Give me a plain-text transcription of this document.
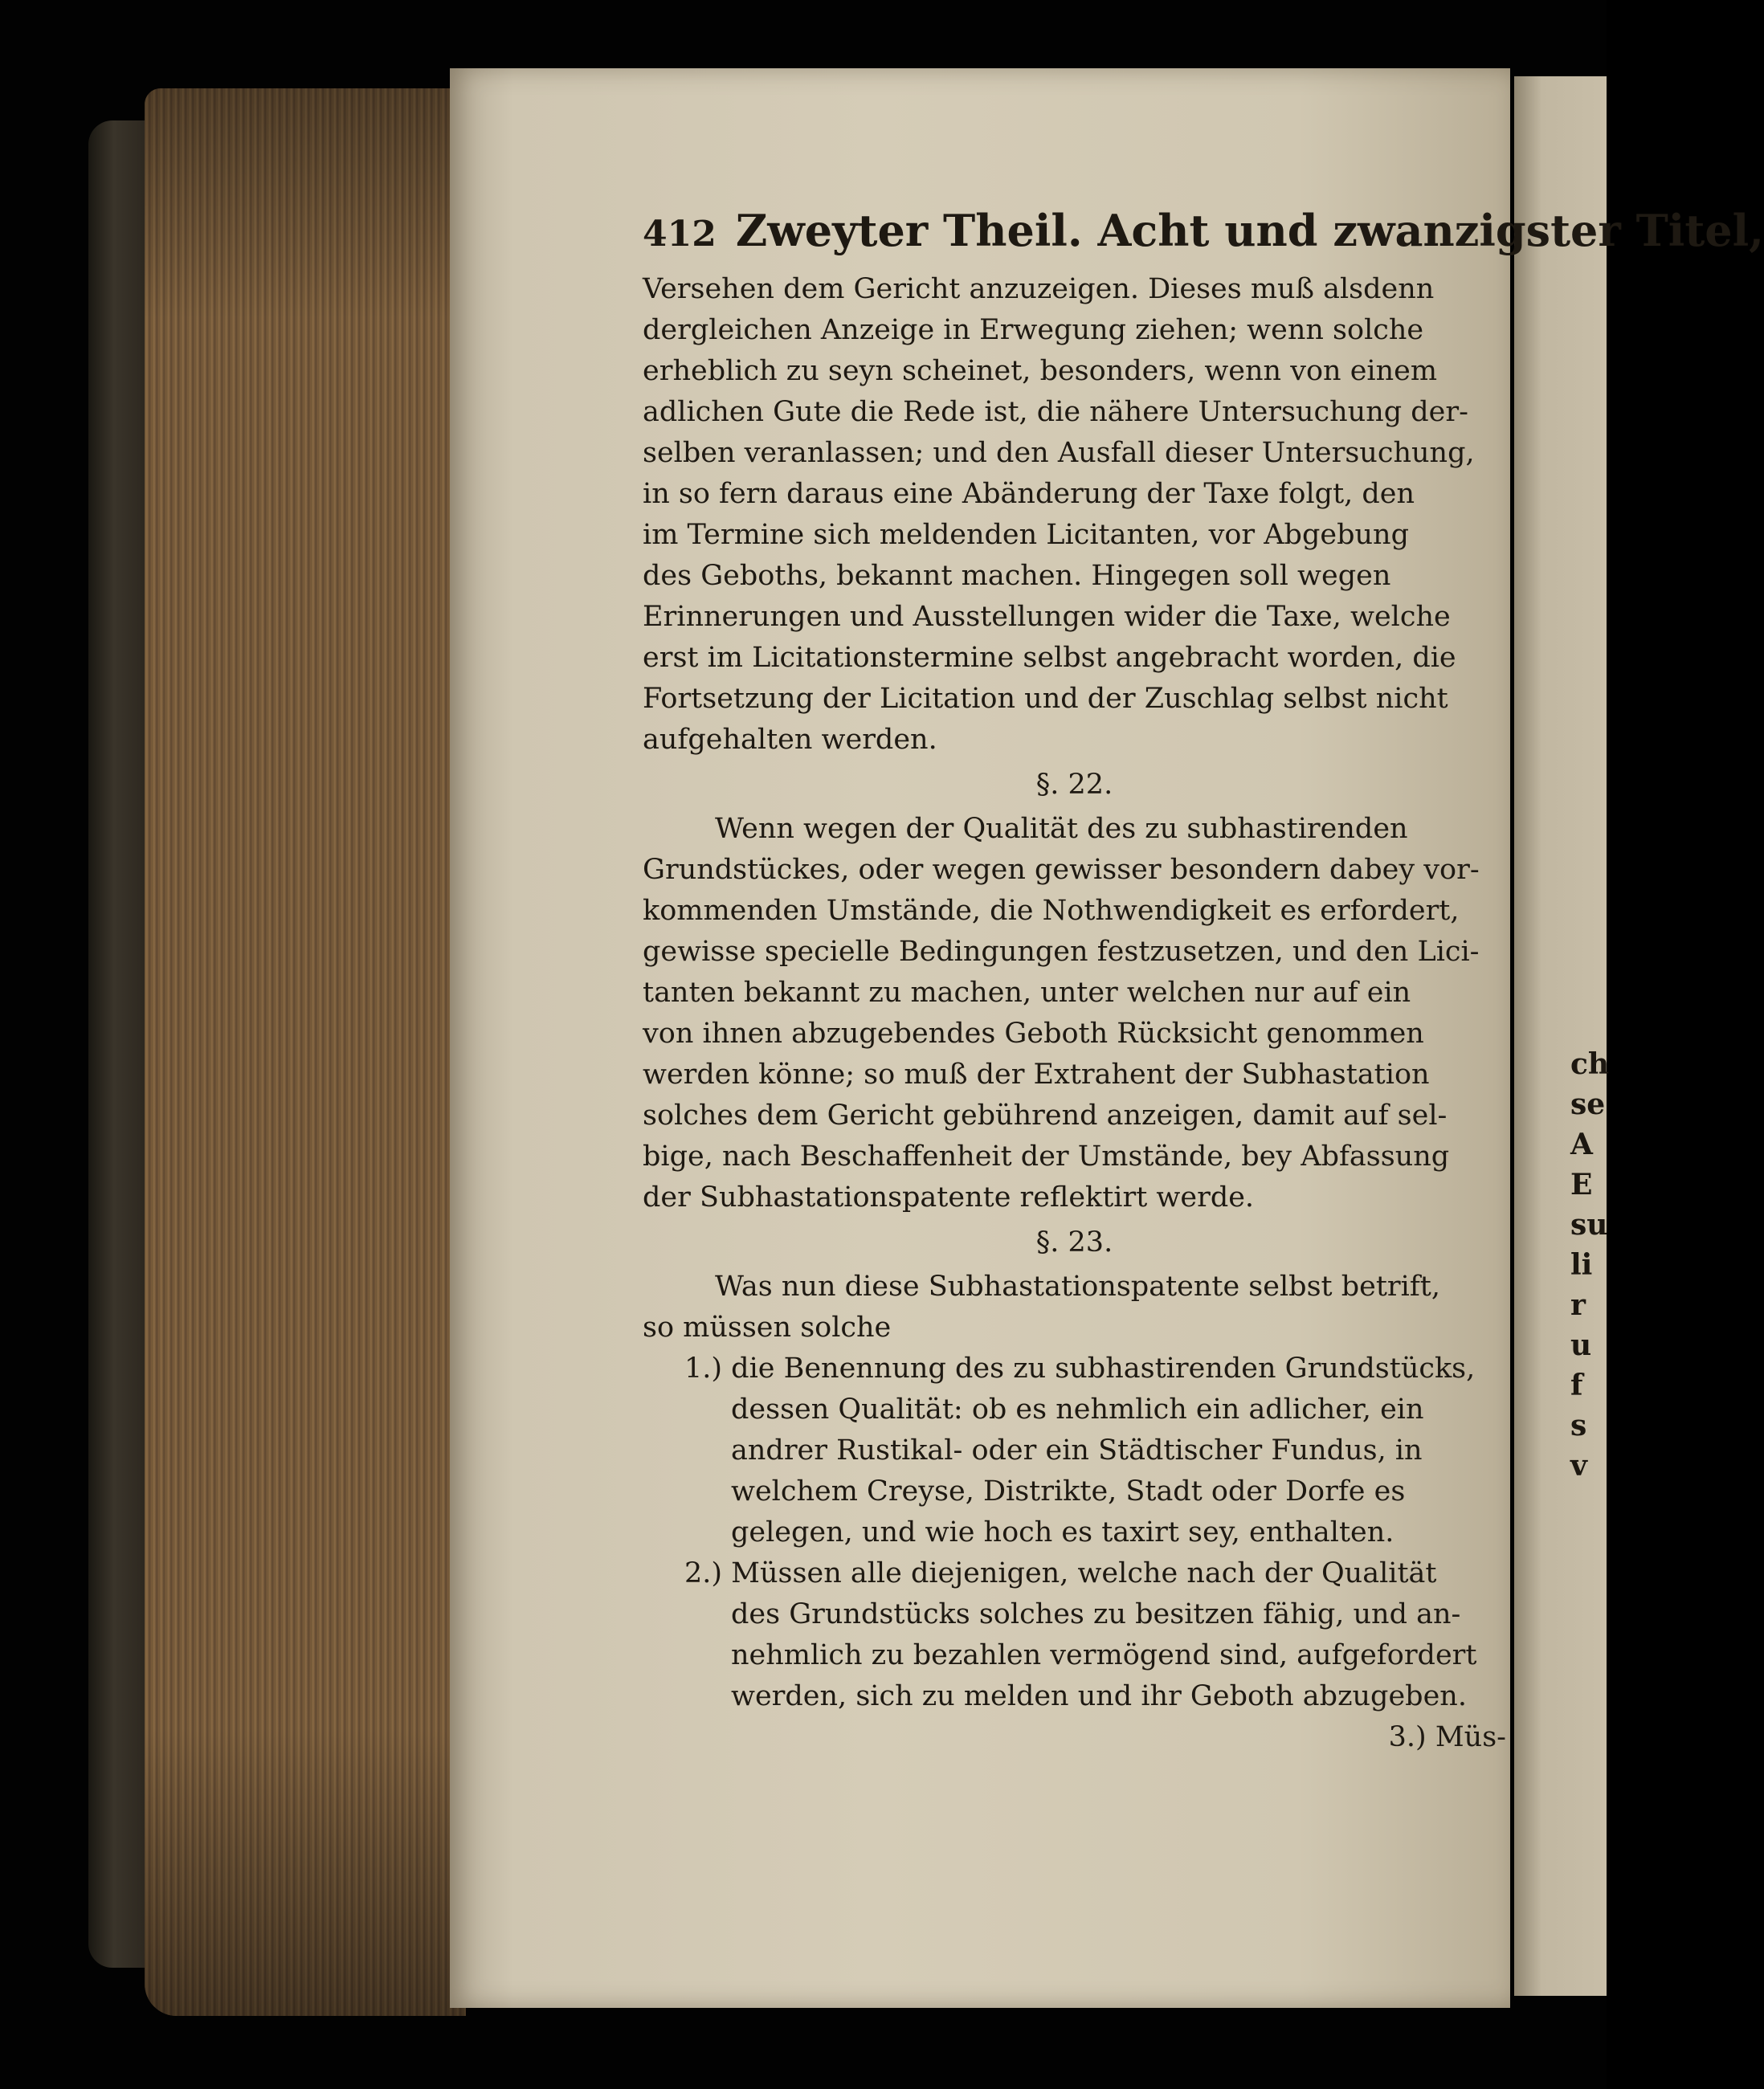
ch
se
A
E
su
li
r
u
f
s
v
412 Zweyter Theil. Acht und zwanzigster Titel,
Versehen dem Gericht anzuzeigen. Dieses muß alsdenn
dergleichen Anzeige in Erwegung ziehen; wenn solche
erheblich zu seyn scheinet, besonders, wenn von einem
adlichen Gute die Rede ist, die nähere Untersuchung der-
selben veranlassen; und den Ausfall dieser Untersuchung,
in so fern daraus eine Abänderung der Taxe folgt, den
im Termine sich meldenden Licitanten, vor Abgebung
des Geboths, bekannt machen. Hingegen soll wegen
Erinnerungen und Ausstellungen wider die Taxe, welche
erst im Licitationstermine selbst angebracht worden, die
Fortsetzung der Licitation und der Zuschlag selbst nicht
aufgehalten werden.
§. 22.
Wenn wegen der Qualität des zu subhastirenden
Grundstückes, oder wegen gewisser besondern dabey vor-
kommenden Umstände, die Nothwendigkeit es erfordert,
gewisse specielle Bedingungen festzusetzen, und den Lici-
tanten bekannt zu machen, unter welchen nur auf ein
von ihnen abzugebendes Geboth Rücksicht genommen
werden könne; so muß der Extrahent der Subhastation
solches dem Gericht gebührend anzeigen, damit auf sel-
bige, nach Beschaffenheit der Umstände, bey Abfassung
der Subhastationspatente reflektirt werde.
§. 23.
Was nun diese Subhastationspatente selbst betrift,
so müssen solche
1.) die Benennung des zu subhastirenden Grundstücks,
dessen Qualität: ob es nehmlich ein adlicher, ein
andrer Rustikal- oder ein Städtischer Fundus, in
welchem Creyse, Distrikte, Stadt oder Dorfe es
gelegen, und wie hoch es taxirt sey, enthalten.
2.) Müssen alle diejenigen, welche nach der Qualität
des Grundstücks solches zu besitzen fähig, und an-
nehmlich zu bezahlen vermögend sind, aufgefordert
werden, sich zu melden und ihr Geboth abzugeben.
3.) Müs-
